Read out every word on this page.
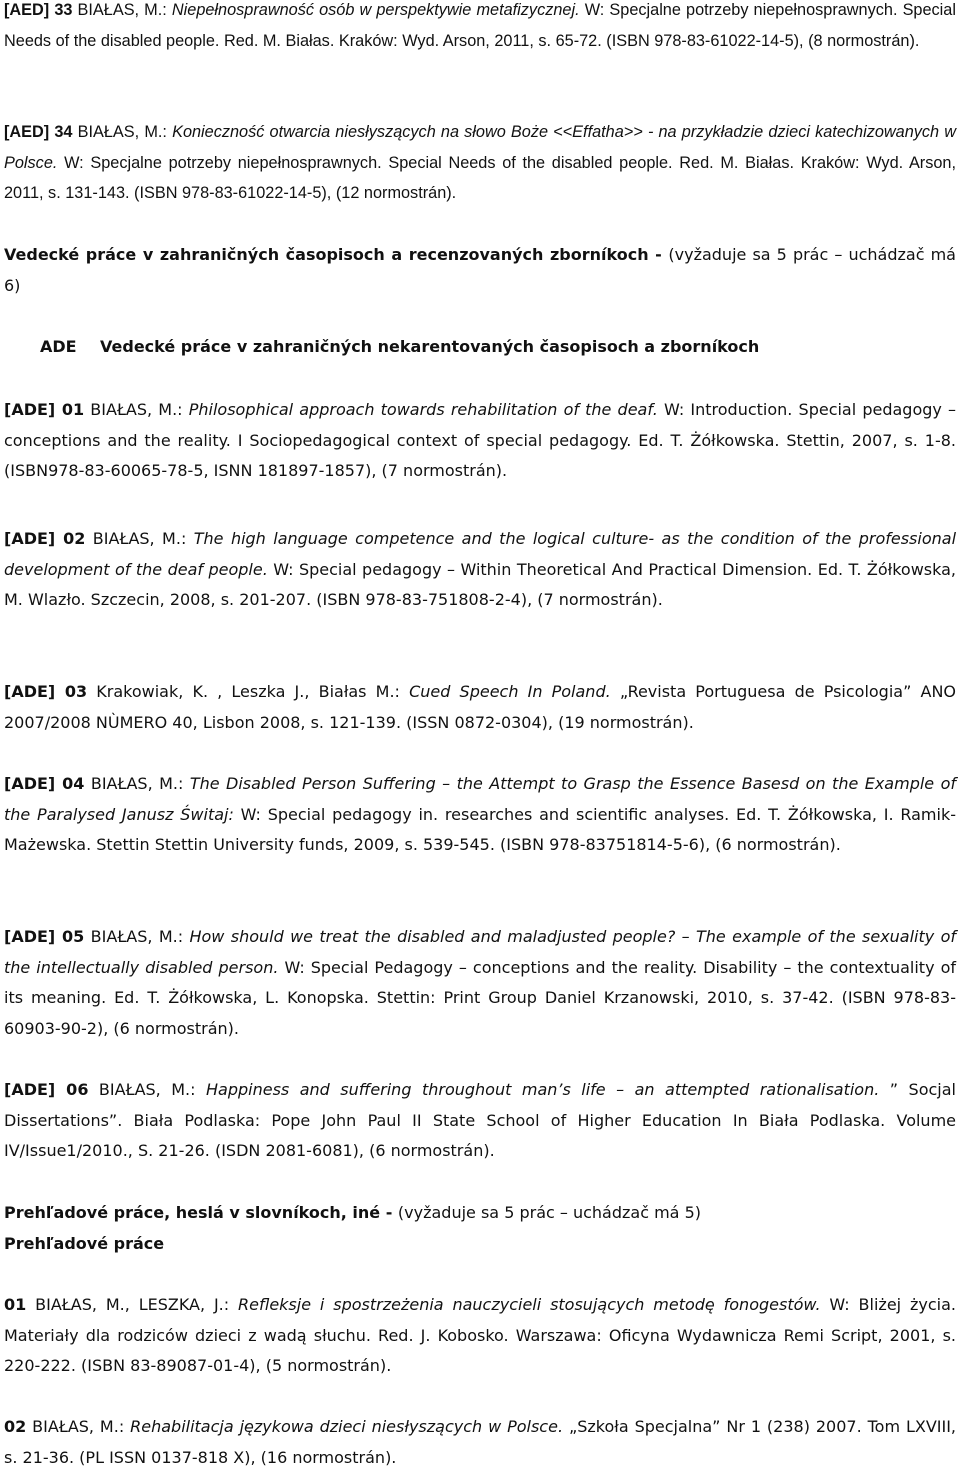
[AED] 33 BIAŁAS, M.: Niepełnosprawność osób w perspektywie metafizycznej. W: Specjalne potrzeby niepełnosprawnych. Special Needs of the disabled people. Red. M. Białas. Kraków: Wyd. Arson, 2011, s. 65-72. (ISBN 978-83-61022-14-5), (8 normostrán).

[AED] 34 BIAŁAS, M.: Konieczność otwarcia niesłyszących na słowo Boże <<Effatha>> - na przykładzie dzieci katechizowanych w Polsce. W: Specjalne potrzeby niepełnosprawnych. Special Needs of the disabled people. Red. M. Białas. Kraków: Wyd. Arson, 2011, s. 131-143. (ISBN 978-83-61022-14-5), (12 normostrán).

Vedecké práce v zahraničných časopisoch a recenzovaných zborníkoch - (vyžaduje sa 5 prác – uchádzač má 6)

ADE Vedecké práce v zahraničných nekarentovaných časopisoch a zborníkoch

[ADE] 01 BIAŁAS, M.: Philosophical approach towards rehabilitation of the deaf. W: Introduction. Special pedagogy – conceptions and the reality. I Sociopedagogical context of special pedagogy. Ed. T. Żółkowska. Stettin, 2007, s. 1-8. (ISBN978-83-60065-78-5, ISNN 181897-1857), (7 normostrán).

[ADE] 02 BIAŁAS, M.: The high language competence and the logical culture- as the condition of the professional development of the deaf people. W: Special pedagogy – Within Theoretical And Practical Dimension. Ed. T. Żółkowska, M. Wlazło. Szczecin, 2008, s. 201-207. (ISBN 978-83-751808-2-4), (7 normostrán).

[ADE] 03 Krakowiak, K. , Leszka J., Białas M.: Cued Speech In Poland. „Revista Portuguesa de Psicologia” ANO 2007/2008 NÙMERO 40, Lisbon 2008, s. 121-139. (ISSN 0872-0304), (19 normostrán).

[ADE] 04 BIAŁAS, M.: The Disabled Person Suffering – the Attempt to Grasp the Essence Basesd on the Example of the Paralysed Janusz Świtaj: W: Special pedagogy in. researches and scientific analyses. Ed. T. Żółkowska, I. Ramik-Mażewska. Stettin Stettin University funds, 2009, s. 539-545. (ISBN 978-83751814-5-6), (6 normostrán).

[ADE] 05 BIAŁAS, M.: How should we treat the disabled and maladjusted people? – The example of the sexuality of the intellectually disabled person. W: Special Pedagogy – conceptions and the reality. Disability – the contextuality of its meaning. Ed. T. Żółkowska, L. Konopska. Stettin: Print Group Daniel Krzanowski, 2010, s. 37-42. (ISBN 978-83-60903-90-2), (6 normostrán).

[ADE] 06 BIAŁAS, M.: Happiness and suffering throughout man’s life – an attempted rationalisation. ” Socjal Dissertations”. Biała Podlaska: Pope John Paul II State School of Higher Education In Biała Podlaska. Volume IV/Issue1/2010., S. 21-26. (ISDN 2081-6081), (6 normostrán).

Prehľadové práce, heslá v slovníkoch, iné - (vyžaduje sa 5 prác – uchádzač má 5)
Prehľadové práce

01 BIAŁAS, M., LESZKA, J.: Refleksje i spostrzeżenia nauczycieli stosujących metodę fonogestów. W: Bliżej życia. Materiały dla rodziców dzieci z wadą słuchu. Red. J. Kobosko. Warszawa: Oficyna Wydawnicza Remi Script, 2001, s. 220-222. (ISBN 83-89087-01-4), (5 normostrán).

02 BIAŁAS, M.: Rehabilitacja językowa dzieci niesłyszących w Polsce. „Szkoła Specjalna” Nr 1 (238) 2007. Tom LXVIII, s. 21-36. (PL ISSN 0137-818 X), (16 normostrán).
